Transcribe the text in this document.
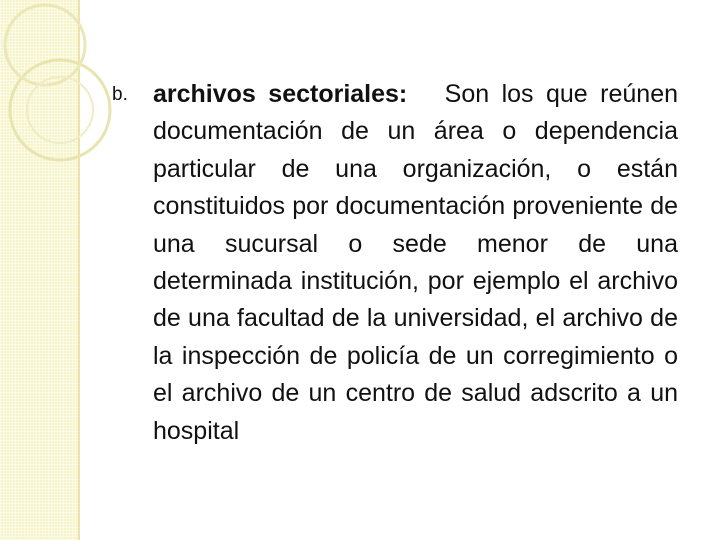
b.	archivos sectoriales: Son los que reúnen documentación de un área o dependencia particular de una organización, o están constituidos por documentación proveniente de una sucursal o sede menor de una determinada institución, por ejemplo el archivo de una facultad de la universidad, el archivo de la inspección de policía de un corregimiento o el archivo de un centro de salud adscrito a un hospital
